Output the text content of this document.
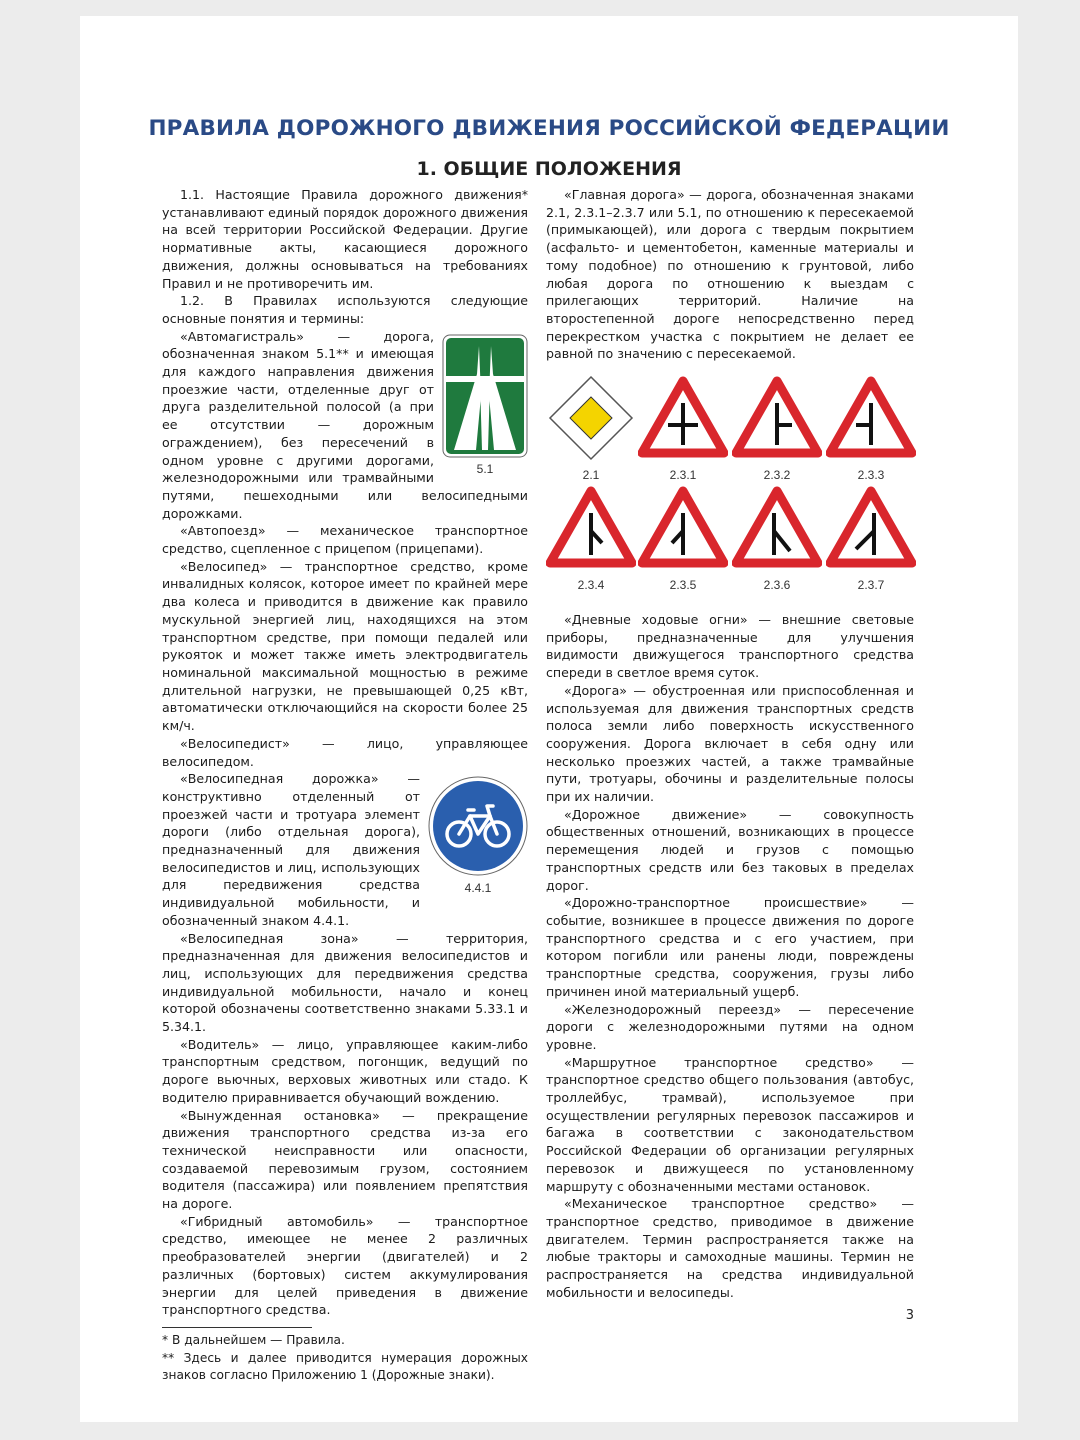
ПРАВИЛА ДОРОЖНОГО ДВИЖЕНИЯ РОССИЙСКОЙ ФЕДЕРАЦИИ
1. ОБЩИЕ ПОЛОЖЕНИЯ

1.1. Настоящие Правила дорожного движения* устанавливают единый порядок дорожного движения на всей территории Российской Федерации. Другие нормативные акты, касающиеся дорожного движения, должны основываться на требованиях Правил и не противоречить им.

1.2. В Правилах используются следующие основные понятия и термины:

5.1

«Автомагистраль» — дорога, обозначенная знаком 5.1** и имеющая для каждого направления движения проезжие части, отделенные друг от друга разделительной полосой (а при ее отсутствии — дорожным ограждением), без пересечений в одном уровне с другими дорогами, железнодорожными или трамвайными путями, пешеходными или велосипедными дорожками.

«Автопоезд» — механическое транспортное средство, сцепленное с прицепом (прицепами).

«Велосипед» — транспортное средство, кроме инвалидных колясок, которое имеет по крайней мере два колеса и приводится в движение как правило мускульной энергией лиц, находящихся на этом транспортном средстве, при помощи педалей или рукояток и может также иметь электродвигатель номинальной максимальной мощностью в режиме длительной нагрузки, не превышающей 0,25 кВт, автоматически отключающийся на скорости более 25 км/ч.

«Велосипедист» — лицо, управляющее велосипедом.

4.4.1

«Велосипедная дорожка» — конструктивно отделенный от проезжей части и тротуара элемент дороги (либо отдельная дорога), предназначенный для движения велосипедистов и лиц, использующих для передвижения средства индивидуальной мобильности, и обозначенный знаком 4.4.1.

«Велосипедная зона» — территория, предназначенная для движения велосипедистов и лиц, использующих для передвижения средства индивидуальной мобильности, начало и конец которой обозначены соответственно знаками 5.33.1 и 5.34.1.

«Водитель» — лицо, управляющее каким-либо транспортным средством, погонщик, ведущий по дороге вьючных, верховых животных или стадо. К водителю приравнивается обучающий вождению.

«Вынужденная остановка» — прекращение движения транспортного средства из-за его технической неисправности или опасности, создаваемой перевозимым грузом, состоянием водителя (пассажира) или появлением препятствия на дороге.

«Гибридный автомобиль» — транспортное средство, имеющее не менее 2 различных преобразователей энергии (двигателей) и 2 различных (бортовых) систем аккумулирования энергии для целей приведения в движение транспортного средства.

* В дальнейшем — Правила.

** Здесь и далее приводится нумерация дорожных знаков согласно Приложению 1 (Дорожные знаки).

«Главная дорога» — дорога, обозначенная знаками 2.1, 2.3.1–2.3.7 или 5.1, по отношению к пересекаемой (примыкающей), или дорога с твердым покрытием (асфальто- и цементобетон, каменные материалы и тому подобное) по отношению к грунтовой, либо любая дорога по отношению к выездам с прилегающих территорий. Наличие на второстепенной дороге непосредственно перед перекрестком участка с покрытием не делает ее равной по значению с пересекаемой.

2.1	2.3.1	2.3.2	2.3.3
2.3.4	2.3.5	2.3.6	2.3.7

«Дневные ходовые огни» — внешние световые приборы, предназначенные для улучшения видимости движущегося транспортного средства спереди в светлое время суток.

«Дорога» — обустроенная или приспособленная и используемая для движения транспортных средств полоса земли либо поверхность искусственного сооружения. Дорога включает в себя одну или несколько проезжих частей, а также трамвайные пути, тротуары, обочины и разделительные полосы при их наличии.

«Дорожное движение» — совокупность общественных отношений, возникающих в процессе перемещения людей и грузов с помощью транспортных средств или без таковых в пределах дорог.

«Дорожно-транспортное происшествие» — событие, возникшее в процессе движения по дороге транспортного средства и с его участием, при котором погибли или ранены люди, повреждены транспортные средства, сооружения, грузы либо причинен иной материальный ущерб.

«Железнодорожный переезд» — пересечение дороги с железнодорожными путями на одном уровне.

«Маршрутное транспортное средство» — транспортное средство общего пользования (автобус, троллейбус, трамвай), используемое при осуществлении регулярных перевозок пассажиров и багажа в соответствии с законодательством Российской Федерации об организации регулярных перевозок и движущееся по установленному маршруту с обозначенными местами остановок.

«Механическое транспортное средство» — транспортное средство, приводимое в движение двигателем. Термин распространяется также на любые тракторы и самоходные машины. Термин не распространяется на средства индивидуальной мобильности и велосипеды.

3
